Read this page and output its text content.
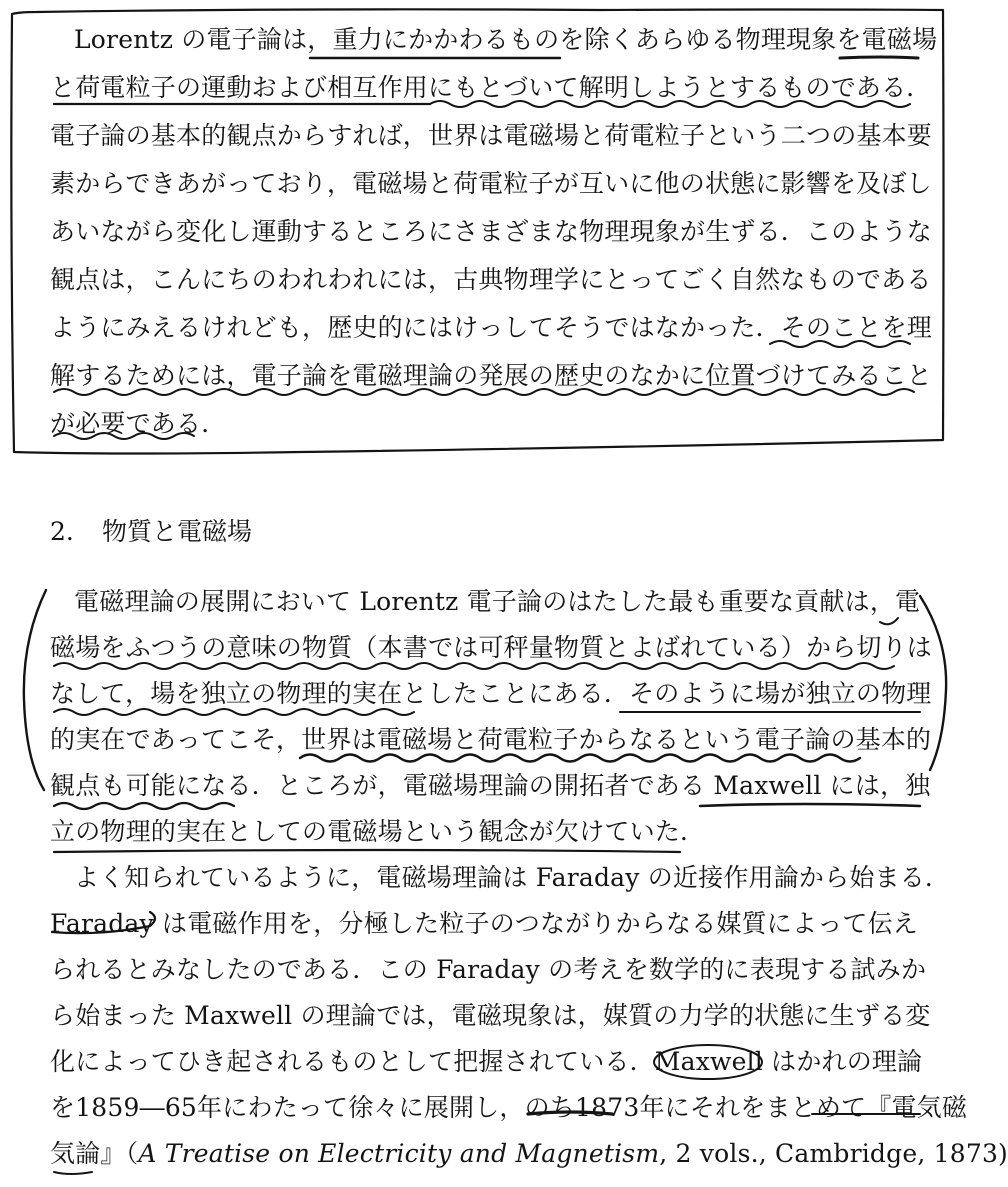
Lorentz の電子論は，重力にかかわるものを除くあらゆる物理現象を電磁場
と荷電粒子の運動および相互作用にもとづいて解明しようとするものである．
電子論の基本的観点からすれば，世界は電磁場と荷電粒子という二つの基本要
素からできあがっており，電磁場と荷電粒子が互いに他の状態に影響を及ぼし
あいながら変化し運動するところにさまざまな物理現象が生ずる．このような
観点は，こんにちのわれわれには，古典物理学にとってごく自然なものである
ようにみえるけれども，歴史的にはけっしてそうではなかった．そのことを理
解するためには，電子論を電磁理論の発展の歴史のなかに位置づけてみること
が必要である．
2. 物質と電磁場
電磁理論の展開において Lorentz 電子論のはたした最も重要な貢献は，電
磁場をふつうの意味の物質（本書では可秤量物質とよばれている）から切りは
なして，場を独立の物理的実在としたことにある．そのように場が独立の物理
的実在であってこそ，世界は電磁場と荷電粒子からなるという電子論の基本的
観点も可能になる．ところが，電磁場理論の開拓者である Maxwell には，独
立の物理的実在としての電磁場という観念が欠けていた．
よく知られているように，電磁場理論は Faraday の近接作用論から始まる．
Faraday は電磁作用を，分極した粒子のつながりからなる媒質によって伝え
られるとみなしたのである．この Faraday の考えを数学的に表現する試みか
ら始まった Maxwell の理論では，電磁現象は，媒質の力学的状態に生ずる変
化によってひき起されるものとして把握されている．Maxwell はかれの理論
を1859―65年にわたって徐々に展開し，のち1873年にそれをまとめて『電気磁
気論』（A Treatise on Electricity and Magnetism, 2 vols., Cambridge, 1873)
